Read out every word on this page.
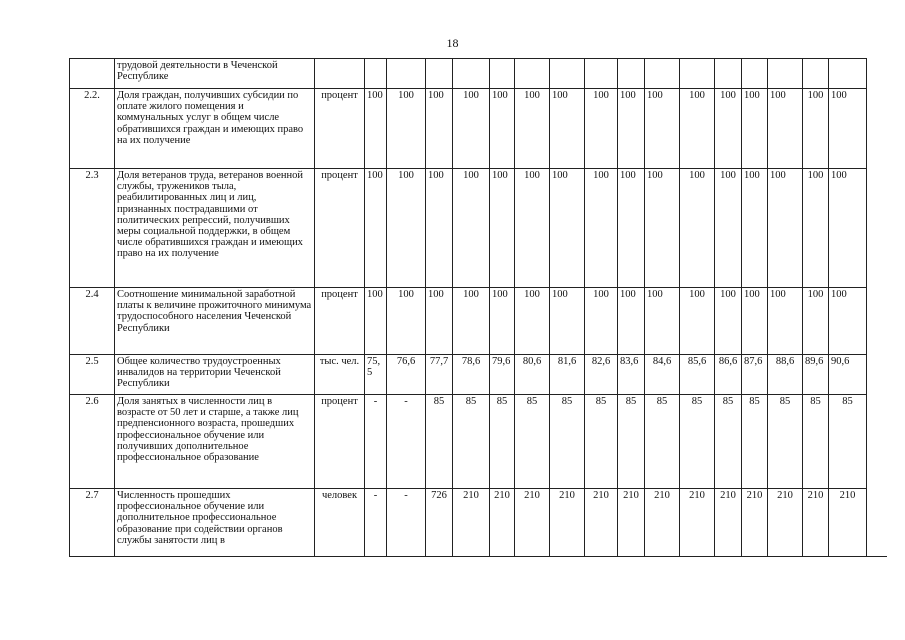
18
	трудовой деятельности в Чеченской Республике																	
2.2.	Доля граждан, получивших субсидии по оплате жилого помещения и коммунальных услуг в общем числе обратившихся граждан и имеющих право на их получение	процент	100	100	100	100	100	100	100	100	100	100	100	100	100	100	100	100
2.3	Доля ветеранов труда, ветеранов военной службы, тружеников тыла, реабилитированных лиц и лиц, признанных пострадавшими от политических репрессий, получивших меры социальной поддержки, в общем числе обратившихся граждан и имеющих право на их получение	процент	100	100	100	100	100	100	100	100	100	100	100	100	100	100	100	100
2.4	Соотношение минимальной заработной платы к величине прожиточного минимума трудоспособного населения Чеченской Республики	процент	100	100	100	100	100	100	100	100	100	100	100	100	100	100	100	100
2.5	Общее количество трудоустроенных инвалидов на территории Чеченской Республики	тыс. чел.	75,5	76,6	77,7	78,6	79,6	80,6	81,6	82,6	83,6	84,6	85,6	86,6	87,6	88,6	89,6	90,6
2.6	Доля занятых в численности лиц в возрасте от 50 лет и старше, а также лиц предпенсионного возраста, прошедших профессиональное обучение или получивших дополнительное профессиональное образование	процент	-	-	85	85	85	85	85	85	85	85	85	85	85	85	85	85
2.7	Численность прошедших профессиональное обучение или дополнительное профессиональное образование при содействии органов службы занятости лиц в	человек	-	-	726	210	210	210	210	210	210	210	210	210	210	210	210	210
